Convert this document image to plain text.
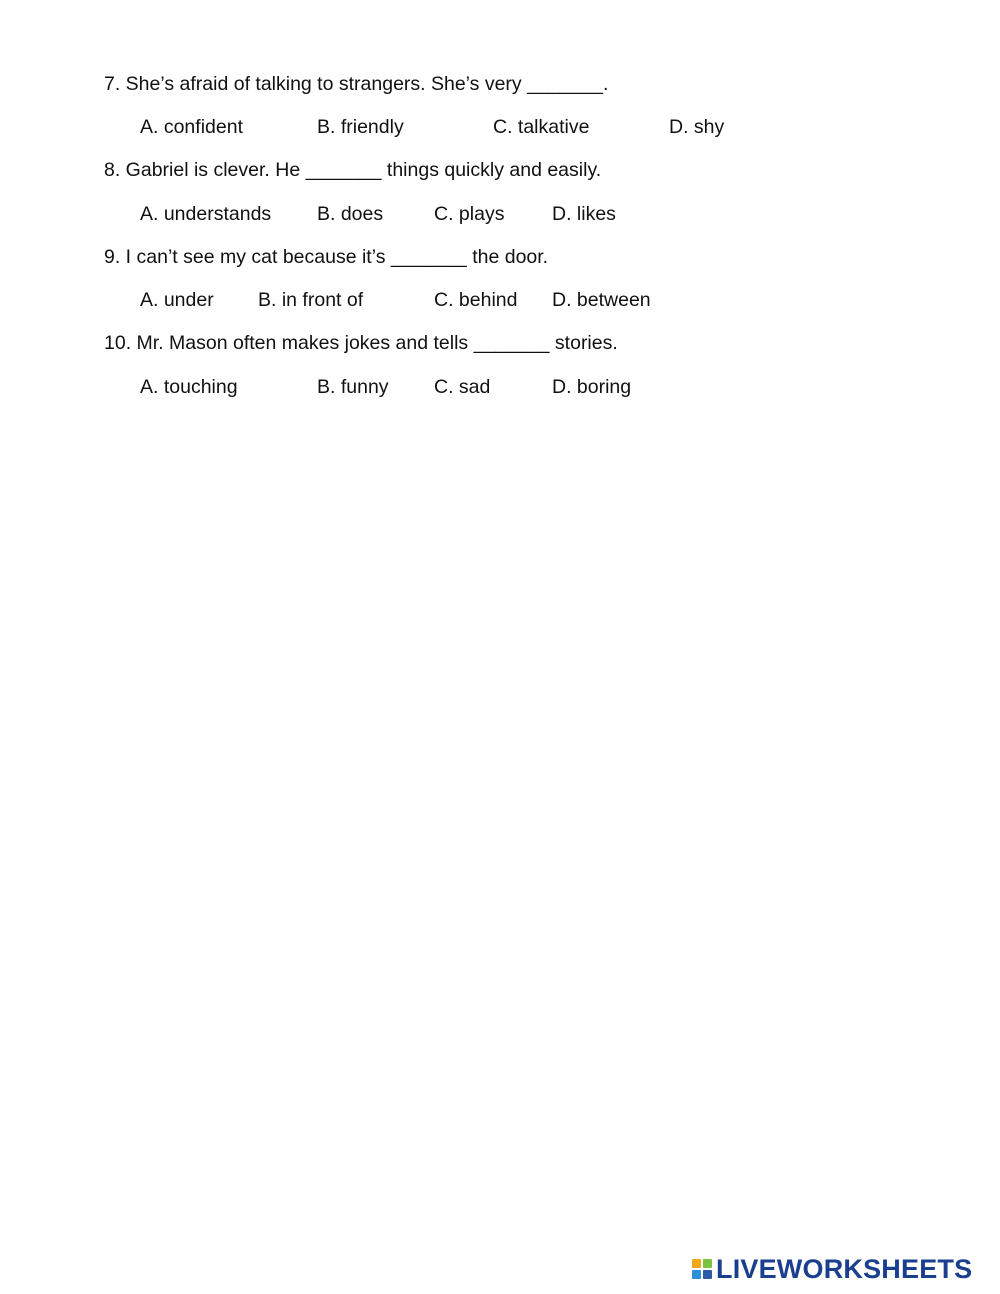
7. She’s afraid of talking to strangers. She’s very _______.
A. confident	B. friendly	C. talkative	D. shy
8. Gabriel is clever. He _______ things quickly and easily.
A. understands B. does	C. plays D. likes
9. I can’t see my cat because it’s _______ the door.
A. under B. in front of	C. behind D. between
10. Mr. Mason often makes jokes and tells _______ stories.
A. touching	B. funny C. sad	D. boring
LIVEWORKSHEETS
